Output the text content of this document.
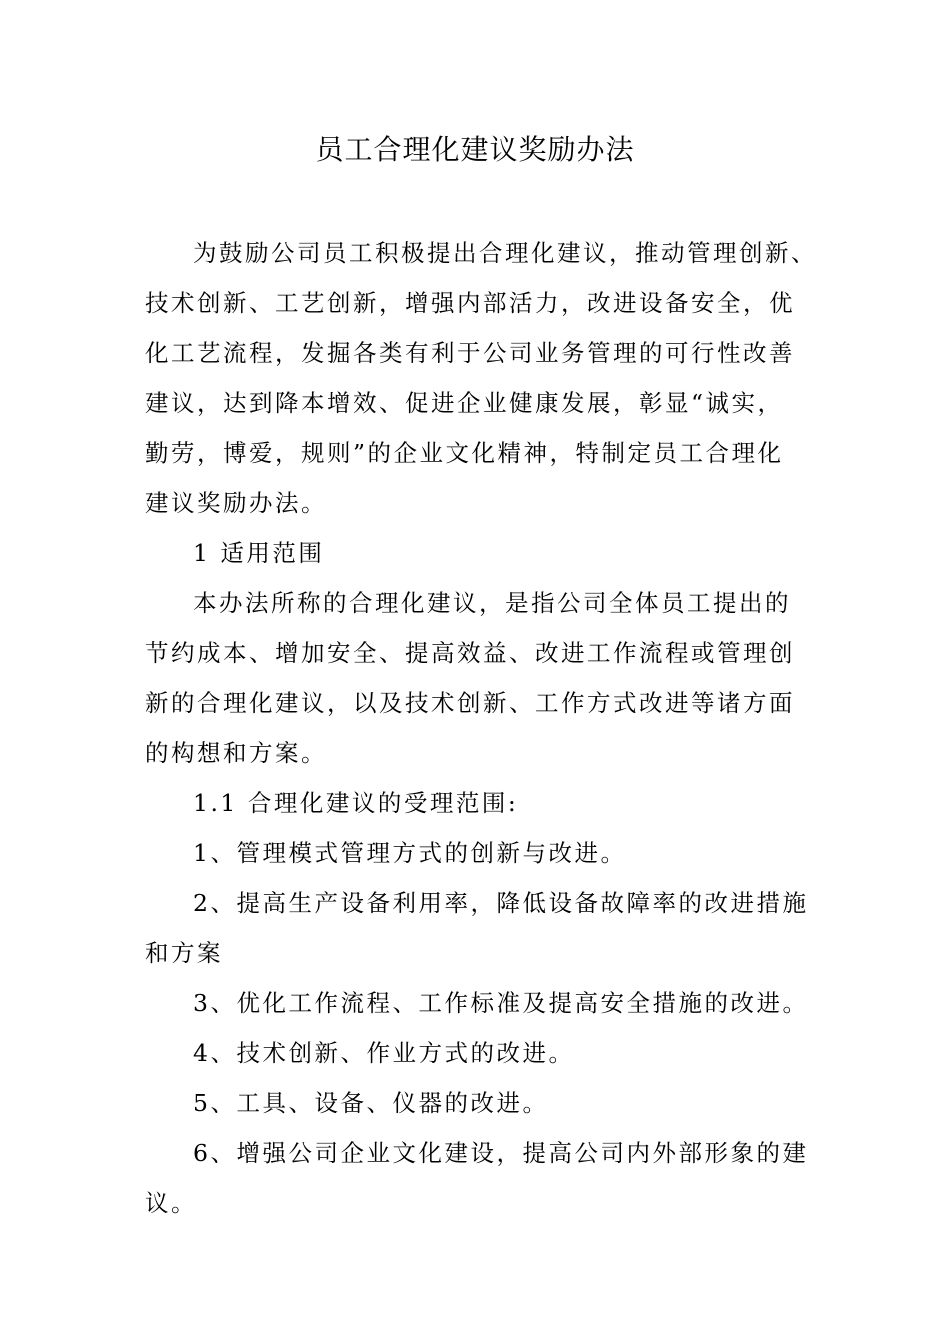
员工合理化建议奖励办法
为鼓励公司员工积极提出合理化建议，推动管理创新、
技术创新、工艺创新，增强内部活力，改进设备安全，优
化工艺流程，发掘各类有利于公司业务管理的可行性改善
建议，达到降本增效、促进企业健康发展，彰显“诚实，
勤劳，博爱，规则”的企业文化精神，特制定员工合理化
建议奖励办法。
1 适用范围
本办法所称的合理化建议，是指公司全体员工提出的
节约成本、增加安全、提高效益、改进工作流程或管理创
新的合理化建议，以及技术创新、工作方式改进等诸方面
的构想和方案。
1.1 合理化建议的受理范围:
1、管理模式管理方式的创新与改进。
2、提高生产设备利用率，降低设备故障率的改进措施
和方案
3、优化工作流程、工作标准及提高安全措施的改进。
4、技术创新、作业方式的改进。
5、工具、设备、仪器的改进。
6、增强公司企业文化建设，提高公司内外部形象的建
议。
